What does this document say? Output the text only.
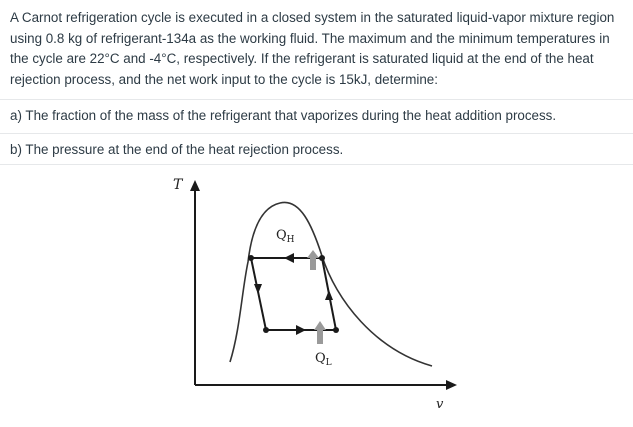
A Carnot refrigeration cycle is executed in a closed system in the saturated liquid-vapor mixture region using 0.8 kg of refrigerant-134a as the working fluid. The maximum and the minimum temperatures in the cycle are 22°C and -4°C, respectively. If the refrigerant is saturated liquid at the end of the heat rejection process, and the net work input to the cycle is 15kJ, determine:

a) The fraction of the mass of the refrigerant that vaporizes during the heat addition process.

b) The pressure at the end of the heat rejection process.

T
v
$Q_H$
$Q_L$
